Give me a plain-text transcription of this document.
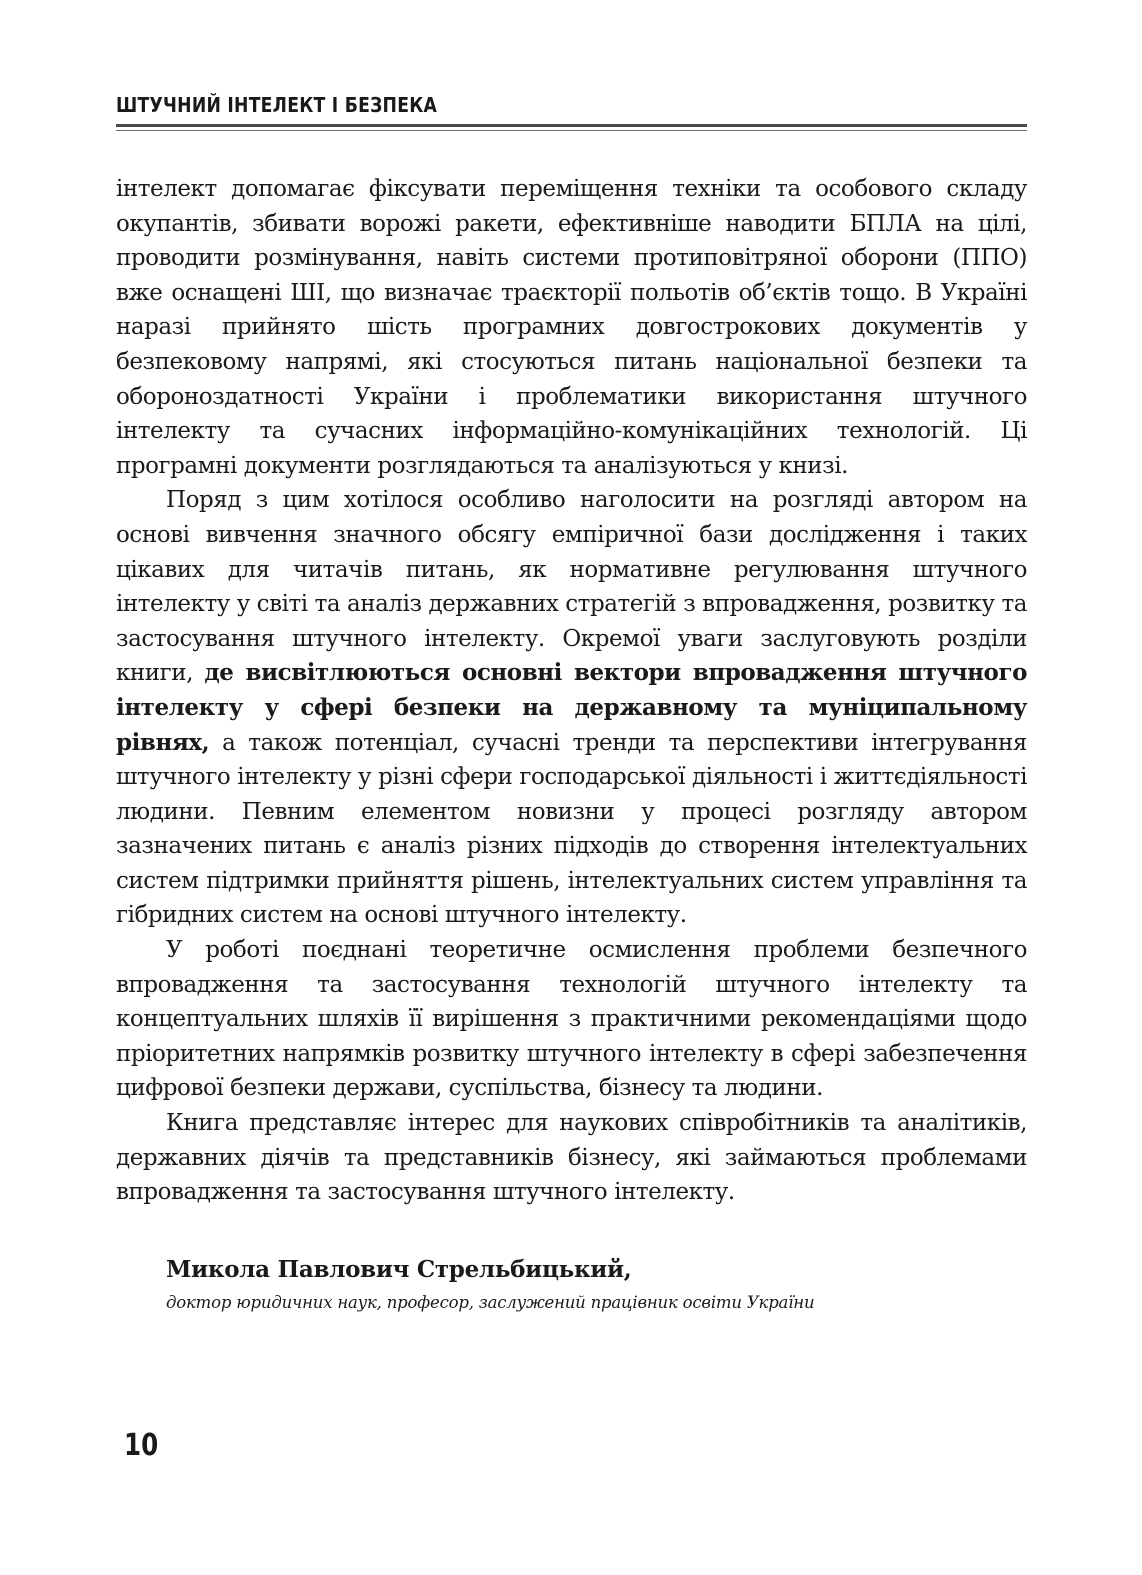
ШТУЧНИЙ ІНТЕЛЕКТ І БЕЗПЕКА

інтелект допомагає фіксувати переміщення техніки та особового складу окупантів, збивати ворожі ракети, ефективніше наводити БПЛА на цілі, проводити розмінування, навіть системи протиповітряної оборони (ППО) вже оснащені ШІ, що визначає траєкторії польотів об’єктів тощо. В Україні наразі прийнято шість програмних довгострокових документів у безпековому напрямі, які стосуються питань національної безпеки та обороноздатності України і проблематики використання штучного інтелекту та сучасних інформаційно-комунікаційних технологій. Ці програмні документи розглядаються та аналізуються у книзі.

Поряд з цим хотілося особливо наголосити на розгляді автором на основі вивчення значного обсягу емпіричної бази дослідження і таких цікавих для читачів питань, як нормативне регулювання штучного інтелекту у світі та аналіз державних стратегій з впровадження, розвитку та застосування штучного інтелекту. Окремої уваги заслуговують розділи книги, де висвітлюються основні вектори впровадження штучного інтелекту у сфері безпеки на державному та муніципальному рівнях, а також потенціал, сучасні тренди та перспективи інтегрування штучного інтелекту у різні сфери господарської діяльності і життєдіяльності людини. Певним елементом новизни у процесі розгляду автором зазначених питань є аналіз різних підходів до створення інтелектуальних систем підтримки прийняття рішень, інтелектуальних систем управління та гібридних систем на основі штучного інтелекту.

У роботі поєднані теоретичне осмислення проблеми безпечного впровадження та застосування технологій штучного інтелекту та концептуальних шляхів її вирішення з практичними рекомендаціями щодо пріоритетних напрямків розвитку штучного інтелекту в сфері забезпечення цифрової безпеки держави, суспільства, бізнесу та людини.

Книга представляє інтерес для наукових співробітників та аналітиків, державних діячів та представників бізнесу, які займаються проблемами впровадження та застосування штучного інтелекту.

Микола Павлович Стрельбицький,
доктор юридичних наук, професор, заслужений працівник освіти України
10
